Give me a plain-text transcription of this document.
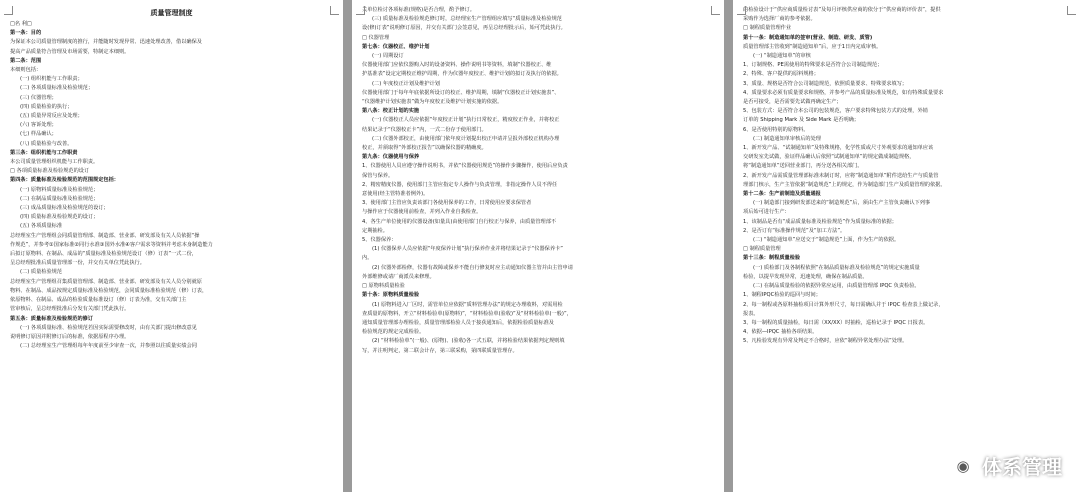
质量管理制度
□名 利□
第一条：目的
为保证本公司质量管理制度的推行，并能随时发现异常、迅速处理改善，借以确保及
提高产品质量符合管理及市场需要，特制定本细则。
第二条：范围
本细则包括：
(一) 组织机能与工作职责；
(二) 各项质量标准及检验规范；
(三) 仪器管理；
(四) 质量检验的执行；
(五) 质量异常反应及处理；
(六) 客诉处理；
(七) 样品确认；
(八) 质量检验与改善。
第三条：组织机能与工作职责
本公司质量管理组织机能与工作职责。
□ 各项质量标准及检验规范的设订
第四条：质量标准及检验规范的范围规定包括：
(一) 原物料质量标准及检验规范；
(二) 在制品质量标准及检验规范；
(三) 成品质量标准及检验规范的设订；
(四) 质量标准及检验规范的设订；
(五) 各项质量标准
总经理室生产管理组会同质量管理部、制造部、营业部、研发部及有关人员依据“操
作规范”，并参考①国家标准②同行水准③国外水准④客户需求等资料并考虑本身制造能力
后拟订原物料、在制品、成品的“质量标准及检验规范设订（修）订表”一式二份，
呈总经理批准后质量管理部一份，并交有关单位凭此执行。
(二) 质量检验规范
总经理室生产管理组召集质量管理部、制造部、营业部、研发部及有关人员分别就原
物料、在制品、成品按规定质量标准及检验规范，会同质量标准检验规范（修）订表，
依原物料、在制品、成品的检验质量标准设订（修）订表为准，交有关部门主
管审核后，呈总经理批准后分发有关部门凭此执行。
第五条：质量标准及检验规范的修订
(一) 各项质量标准、检验规范若因实际需要修改时，由有关部门提出修改意见
说明修订原因并附修订后的标准，依据原程序办理。
(二) 总经理室生产管理组每年年度前至少审查一次，并参照以往质量实绩会同
关单位检讨各项标准(规格)是否合理，酌予修订。
(三) 质量标准及检验规范修订时，总经理室生产管理组应填写“质量标准及检验规范
设(修)订表”说明修订原因，并交有关部门会签意见，再呈总经理批示后，始可凭此执行。
□ 仪器管理
第七条：仪器校正、维护计划
(一) 周期设订
仪器使用部门应依仪器购入时的设备资料、操作说明书等资料，填制“仪器校正、维
护基准表”设定定期校正维护周期，作为仪器年度校正、维护计划的拟订及执行的依据。
(二) 年度校正计划及维护计划
仪器使用部门于每年年底依据所设订的校正、维护周期，填制“仪器校正计划实施表”、
“仪器维护计划实施表”做为年度校正及维护计划实施的依据。
第八条：校正计划的实施
(一) 仪器校正人员应依据“年度校正计划”执行日常校正，精度校正作业，并将校正
结果记录于“仪器校正卡”内，一式二份存于使用部门。
(二) 仪器外部校正，由使用部门依年度计划提出校正申请并呈报外部校正机构办理
校正，并须取得“外部校正报告”以确保仪器的精确度。
第九条：仪器使用与保养
1、仪器使用人员应遵守操作说明书，并依“仪器使用规范”的操作步骤操作，使用后应负责
保管与保养。
2、精密精度仪器，使用部门主管应指定专人操作与负责管理，非指定操作人员不得任
意使用(经主管特准者例外)。
3、使用部门主管应负责该部门各使用保养的工作，日常使用应要求保管者
与操作应于仪器使用前检查，并列入作业自我检查。
4、各生产单位使用的仪器设备(如量具)由使用部门自行校正与保养，由质量管理部不
定期抽检。
5、仪器保养：
(1) 仪器保养人员应依据“年度保养计划”执行保养作业并将结果记录于“仪器保养卡”
内。
(2) 仪器外部检修，仪器有故障或保养不能自行修复时应主动通知仪器主管并由主管申请
外部维修或请厂商派员来修理。
□ 原物料质量检验
第十条：原物料质量检验
(1) 原物料进入厂区时，需管单位应依据“质料管理办法”的规定办理收料，对需用检
查质量的原物料，开立“材料检验单(原物料)”，“材料检验单(验收)”及“材料检验单(一般)”，
通知质量管理部办理检验，质量管理部检验人员于接获通知后，依据检验质量标准及
检验规范的规定完成检验。
(2) “材料检验单”(一般)、(原物)、(验收)各一式五联，并将检验结果依据判定规则填
写，并注明判定，第二联会计存，第三联采购，第四联质量管理存。
的检验设计于“供应商质量检讨表”及每月评核供应商的依分于“供应商的评价表”，提供
采购作为选择厂商的参考依据。
□ 制程质量管理作业
第十一条：制造通知单的签审(营业、制造、研发、质管)
质量管理部主管收到“制造通知单”后，应于1日内完成审核。
(一) “制造通知单”的审核
1、订制规格、PE需使用的特殊要求是否符合公司制造规范；
2、特殊、客户提供的原料规格；
3、质量、规格是否符合公司制造规范，依照质量要求、特殊要求填写；
4、质量要求必须有质量要求和规格，并参考产品的质量标准及规范，如有特殊质量要求
是否可接受，是否需要先试做再确定生产；
5、包装方式：是否符合本公司的包装规范，客户要求特殊包装方式的处理，外销
订单的 Shipping Mark 及 Side Mark 是否明确；
6、是否使用特别的原物料。
(二) 制造通知单审核后的处理
1、新开发产品、“试制通知单”及特殊规格，化学性质或尺寸外观要求的通知单应该
交研发室先试做，验证样品确认后依照“试制通知单”的规定做成制造规格，
将“制造通知单”送回营业部门，再分送各相关部门。
2、新开发产品需质量管理部标准未制订时，应将“制造通知单”附件送给生产与质量管
理部门核示，生产主管依据“制造规范”上的规定，作为制造部门生产及质量管理的依据。
第十二条：生产前制造及质量通报
(一) 制造部门接到研发部送来的“制造规范”后，须由生产主管负责确认下列事
项后始可进行生产：
1、该制品是否有“成品质量标准及检验规范”作为质量标准的依据；
2、是否订有“标准操作规范”及“加工方法”。
(二) “制造通知单”应送交于“制造规范”上面，作为生产的依据。
□ 制程质量管理
第十三条：制程质量检验
(一) 质检部门及各制程依照“在制品质量标准及检验规范”的规定实施质量
检验，以提早发现异常，迅速处理，确保在制品质量。
(二) 在制品质量检验的依据异常应运用，由质量管理部 IPQC 负责检验。
1、制程IPQC检验的巡回与时间；
2、每一制程或各原料抽检项目计算外形尺寸，每日需确认并于 IPQC 检查表上做记录，
报表。
3、每一制程的质量抽检，每日需（XX/XX）时抽检，巡检记录于 IPQC 日报表。
4、依据—IPQC 抽检各项结果。
5、凡检验发现有异常及判定不合格时，应依“制程异常处理办法”处理。
◉ 体系管理
